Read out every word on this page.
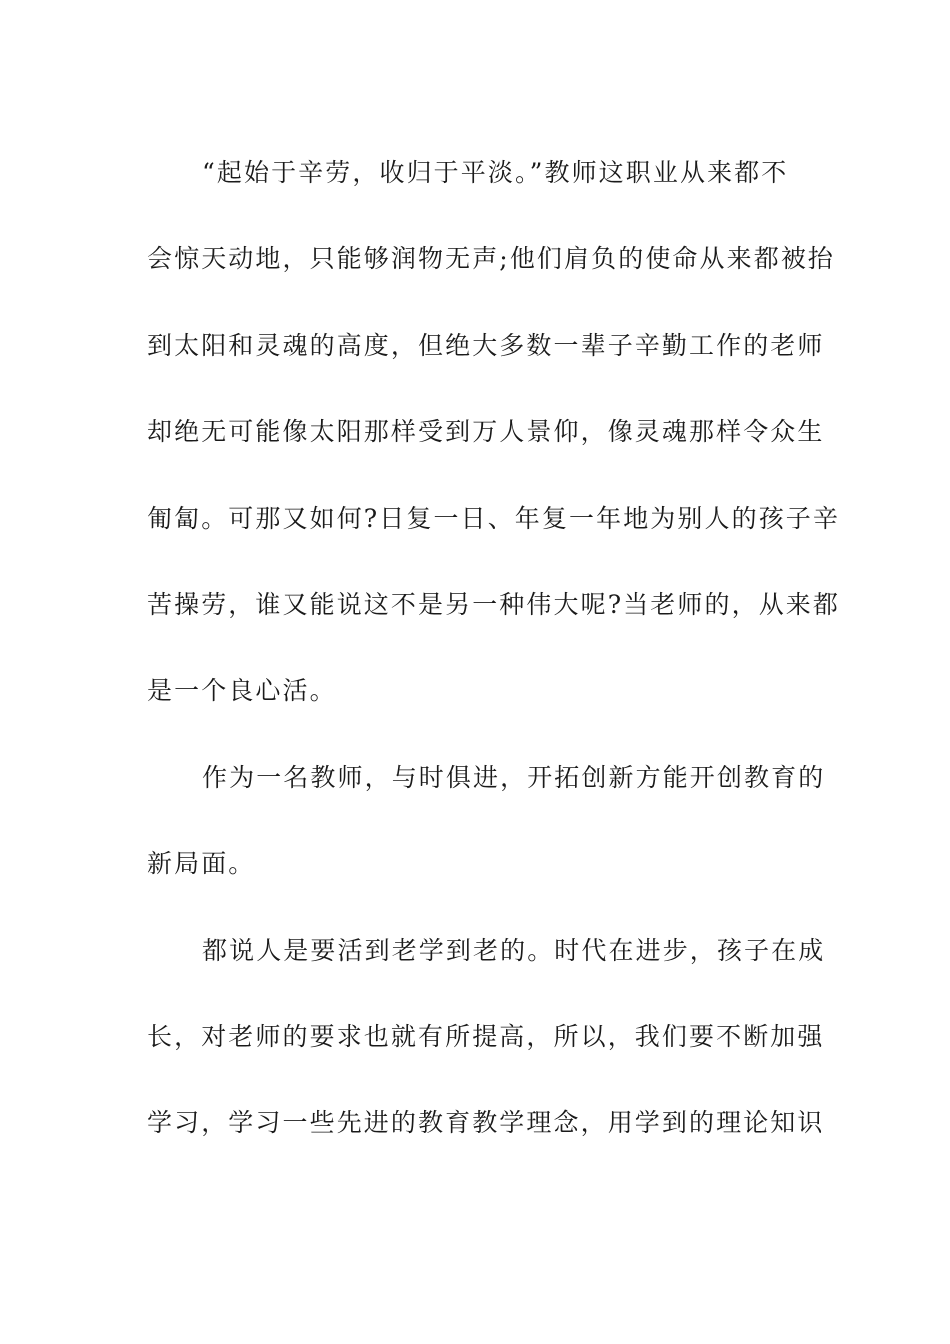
“起始于辛劳，收归于平淡。”教师这职业从来都不
会惊天动地，只能够润物无声;他们肩负的使命从来都被抬
到太阳和灵魂的高度，但绝大多数一辈子辛勤工作的老师
却绝无可能像太阳那样受到万人景仰，像灵魂那样令众生
匍匐。可那又如何?日复一日、年复一年地为别人的孩子辛
苦操劳，谁又能说这不是另一种伟大呢?当老师的，从来都
是一个良心活。
作为一名教师，与时俱进，开拓创新方能开创教育的
新局面。
都说人是要活到老学到老的。时代在进步，孩子在成
长，对老师的要求也就有所提高，所以，我们要不断加强
学习，学习一些先进的教育教学理念，用学到的理论知识
